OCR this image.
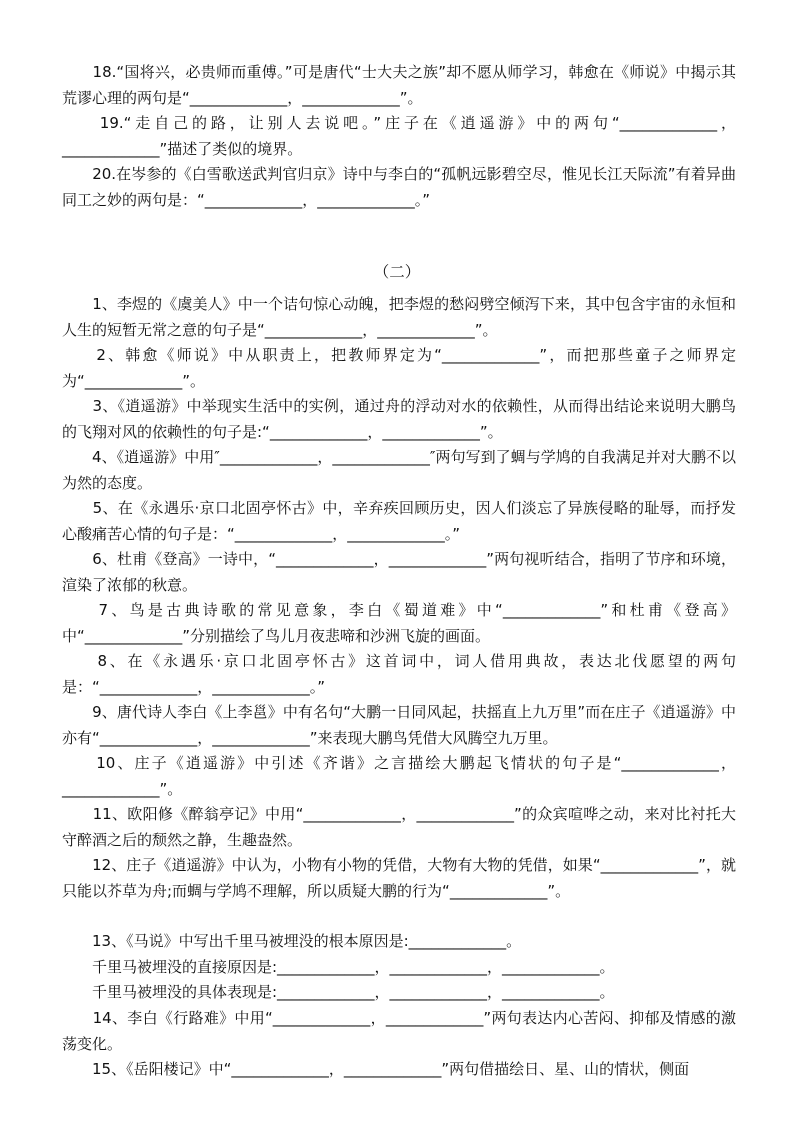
　　18.“国将兴，必贵师而重傅。”可是唐代“士大夫之族”却不愿从师学习，韩愈在《师说》中揭示其荒谬心理的两句是“_____________，_____________”。

　　19.“走自己的路，让别人去说吧。”庄子在《逍遥游》中的两句“_____________，_____________”描述了类似的境界。

　　20.在岑参的《白雪歌送武判官归京》诗中与李白的“孤帆远影碧空尽，惟见长江天际流”有着异曲同工之妙的两句是：“_____________，_____________。”

（二）

　　1、李煜的《虞美人》中一个诘句惊心动魄，把李煜的愁闷劈空倾泻下来，其中包含宇宙的永恒和人生的短暂无常之意的句子是“_____________，_____________”。

　　2、韩愈《师说》中从职责上，把教师界定为“_____________”，而把那些童子之师界定为“_____________”。

　　3、《逍遥游》中举现实生活中的实例，通过舟的浮动对水的依赖性，从而得出结论来说明大鹏鸟的飞翔对风的依赖性的句子是:“_____________，_____________”。

　　4、《逍遥游》中用″_____________，_____________″两句写到了蜩与学鸠的自我满足并对大鹏不以为然的态度。

　　5、在《永遇乐·京口北固亭怀古》中，辛弃疾回顾历史，因人们淡忘了异族侵略的耻辱，而抒发心酸痛苦心情的句子是：“_____________，_____________。”

　　6、杜甫《登高》一诗中，“_____________，_____________”两句视听结合，指明了节序和环境，渲染了浓郁的秋意。

　　7、鸟是古典诗歌的常见意象，李白《蜀道难》中“_____________”和杜甫《登高》中“_____________”分别描绘了鸟儿月夜悲啼和沙洲飞旋的画面。

　　8、在《永遇乐·京口北固亭怀古》这首词中，词人借用典故，表达北伐愿望的两句是：“_____________，_____________。”

　　9、唐代诗人李白《上李邕》中有名句“大鹏一日同风起，扶摇直上九万里”而在庄子《逍遥游》中亦有“_____________，_____________”来表现大鹏鸟凭借大风腾空九万里。

　　10、庄子《逍遥游》中引述《齐谐》之言描绘大鹏起飞情状的句子是“_____________，_____________”。

　　11、欧阳修《醉翁亭记》中用“_____________，_____________”的众宾喧哗之动，来对比衬托大守醉酒之后的颓然之静，生趣盎然。

　　12、庄子《逍遥游》中认为，小物有小物的凭借，大物有大物的凭借，如果“_____________”，就只能以芥草为舟;而蜩与学鸠不理解，所以质疑大鹏的行为“_____________”。

　　13、《马说》中写出千里马被埋没的根本原因是:_____________。

　　千里马被埋没的直接原因是:_____________，_____________，_____________。

　　千里马被埋没的具体表现是:_____________，_____________，_____________。

　　14、李白《行路难》中用“_____________，_____________”两句表达内心苦闷、抑郁及情感的激荡变化。

　　15、《岳阳楼记》中“_____________，_____________”两句借描绘日、星、山的情状，侧面
